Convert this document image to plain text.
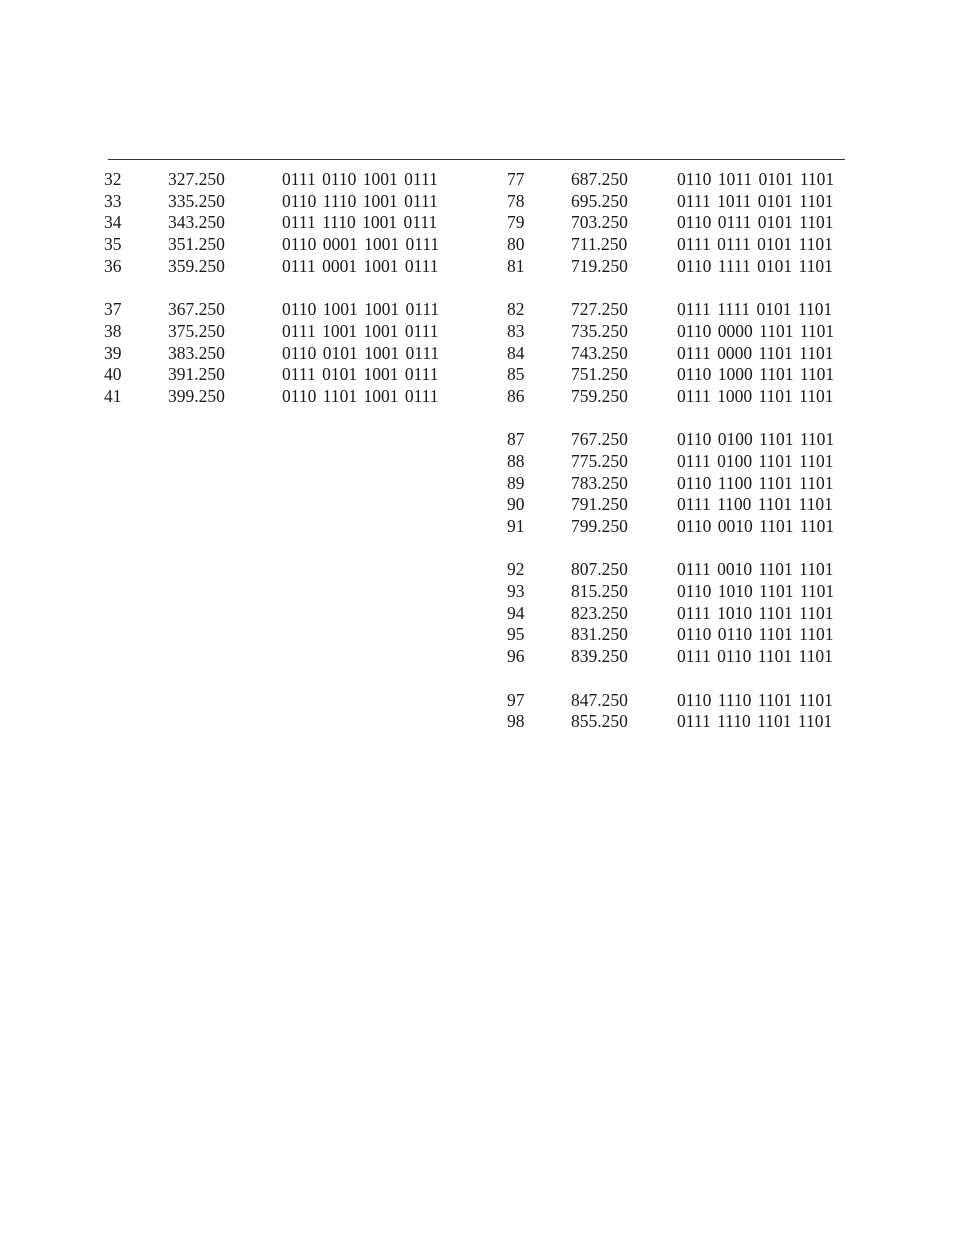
32	327.250	0111 0110 1001 0111
33	335.250	0110 1110 1001 0111
34	343.250	0111 1110 1001 0111
35	351.250	0110 0001 1001 0111
36	359.250	0111 0001 1001 0111
37	367.250	0110 1001 1001 0111
38	375.250	0111 1001 1001 0111
39	383.250	0110 0101 1001 0111
40	391.250	0111 0101 1001 0111
41	399.250	0110 1101 1001 0111
77	687.250	0110 1011 0101 1101
78	695.250	0111 1011 0101 1101
79	703.250	0110 0111 0101 1101
80	711.250	0111 0111 0101 1101
81	719.250	0110 1111 0101 1101
82	727.250	0111 1111 0101 1101
83	735.250	0110 0000 1101 1101
84	743.250	0111 0000 1101 1101
85	751.250	0110 1000 1101 1101
86	759.250	0111 1000 1101 1101
87	767.250	0110 0100 1101 1101
88	775.250	0111 0100 1101 1101
89	783.250	0110 1100 1101 1101
90	791.250	0111 1100 1101 1101
91	799.250	0110 0010 1101 1101
92	807.250	0111 0010 1101 1101
93	815.250	0110 1010 1101 1101
94	823.250	0111 1010 1101 1101
95	831.250	0110 0110 1101 1101
96	839.250	0111 0110 1101 1101
97	847.250	0110 1110 1101 1101
98	855.250	0111 1110 1101 1101
